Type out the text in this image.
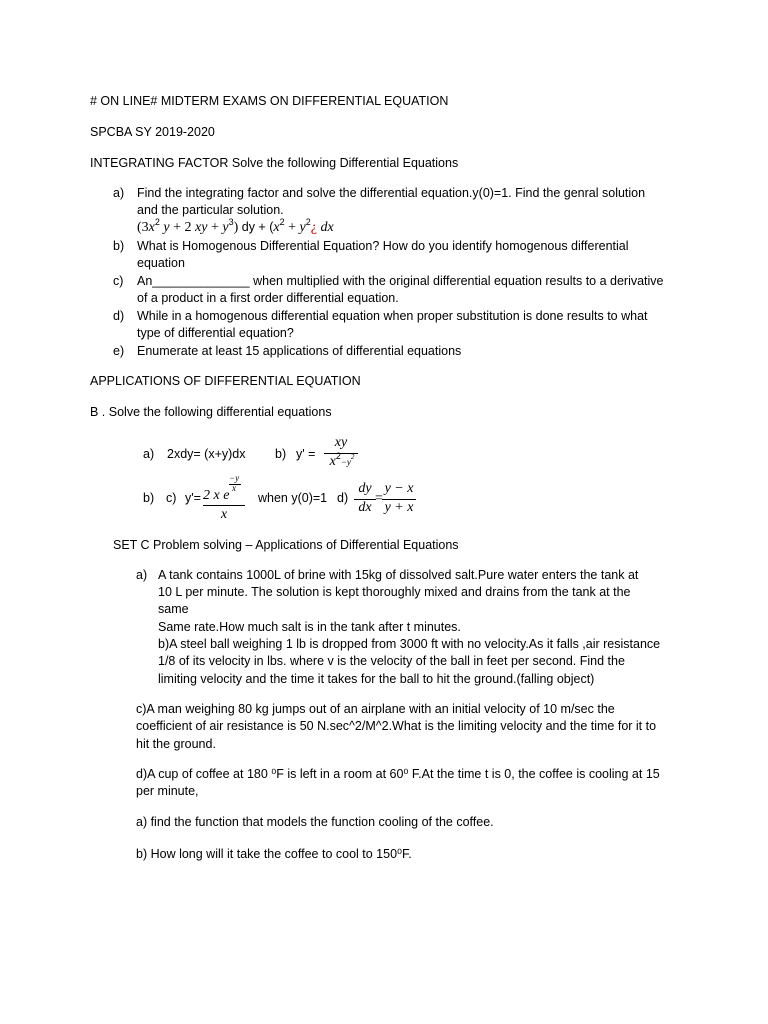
# ON LINE# MIDTERM EXAMS ON DIFFERENTIAL EQUATION
SPCBA SY 2019-2020
INTEGRATING FACTOR Solve the following Differential Equations
a) Find the integrating factor and solve the differential equation.y(0)=1. Find the genral solution
and the particular solution.
($3x^2$ y + 2 xy + $y^3$) dy + ($x^2$ + $y^2¿$ dx
b) What is Homogenous Differential Equation? How do you identify homogenous differential
equation
c) An______________ when multiplied with the original differential equation results to a derivative
of a product in a first order differential equation.
d) While in a homogenous differential equation when proper substitution is done results to what
type of differential equation?
e) Enumerate at least 15 applications of differential equations
APPLICATIONS OF DIFFERENTIAL EQUATION
B . Solve the following differential equations
a) 2xdy= (x+y)dx b) y' =
xy
$x^2-y^2$
b) c) y'=
−y
x
2 x e
x
when y(0)=1 d)
dy
dx
=
y − x
y + x
SET C Problem solving – Applications of Differential Equations
a) A tank contains 1000L of brine with 15kg of dissolved salt.Pure water enters the tank at
10 L per minute. The solution is kept thoroughly mixed and drains from the tank at the
same
Same rate.How much salt is in the tank after t minutes.
b)A steel ball weighing 1 lb is dropped from 3000 ft with no velocity.As it falls ,air resistance
1/8 of its velocity in lbs. where v is the velocity of the ball in feet per second. Find the
limiting velocity and the time it takes for the ball to hit the ground.(falling object)
c)A man weighing 80 kg jumps out of an airplane with an initial velocity of 10 m/sec the
coefficient of air resistance is 50 N.sec^2/M^2.What is the limiting velocity and the time for it to
hit the ground.
d)A cup of coffee at 180 ⁰F is left in a room at 60⁰ F.At the time t is 0, the coffee is cooling at 15
per minute,
a) find the function that models the function cooling of the coffee.
b) How long will it take the coffee to cool to 150⁰F.
